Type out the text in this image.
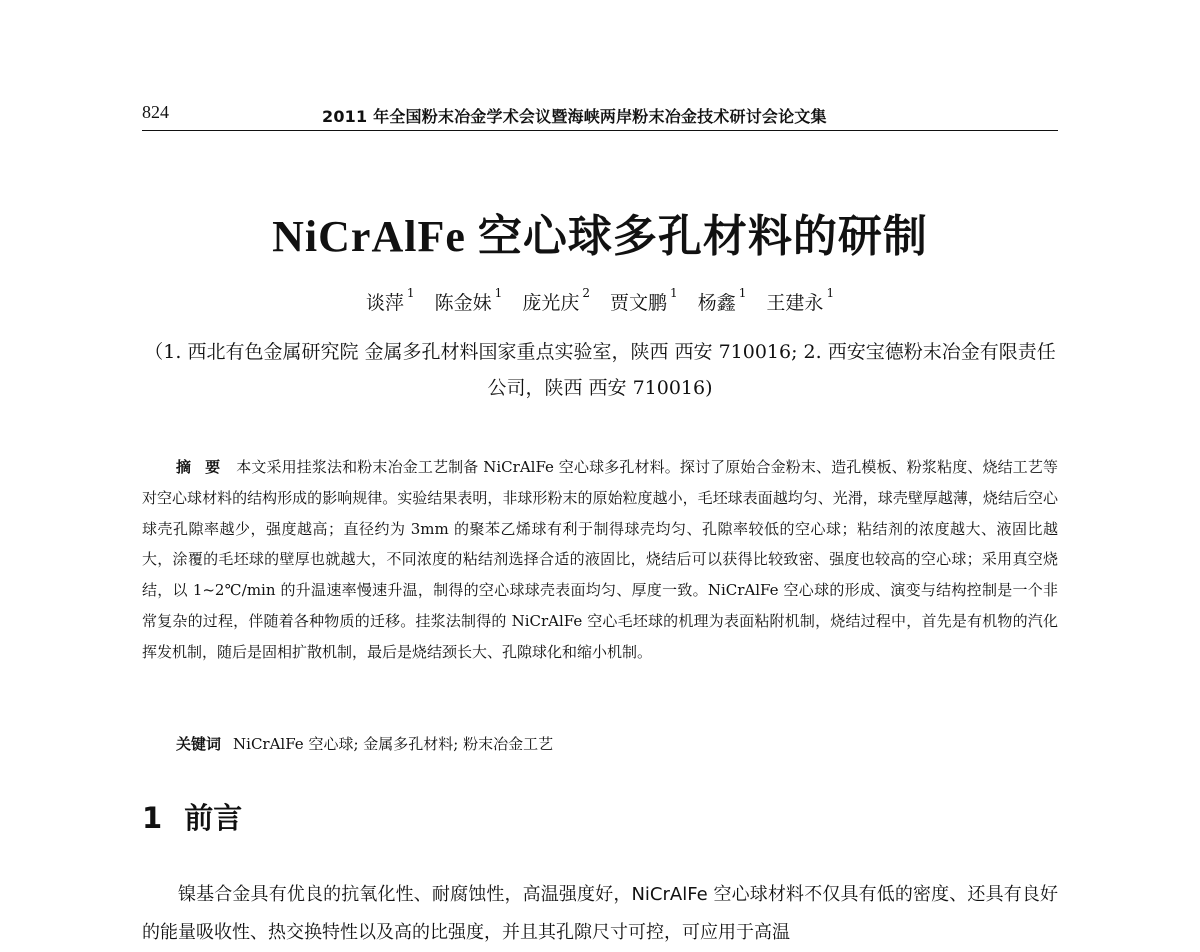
824	2011 年全国粉末冶金学术会议暨海峡两岸粉末冶金技术研讨会论文集
NiCrAlFe 空心球多孔材料的研制
谈萍 $^1$ 陈金妹 $^1$ 庞光庆 $^2$ 贾文鹏 $^1$ 杨鑫 $^1$ 王建永 $^1$
（1. 西北有色金属研究院 金属多孔材料国家重点实验室，陕西 西安 710016; 2. 西安宝德粉末冶金有限责任公司，陕西 西安 710016)
摘要 本文采用挂浆法和粉末冶金工艺制备 NiCrAlFe 空心球多孔材料。探讨了原始合金粉末、造孔模板、粉浆粘度、烧结工艺等对空心球材料的结构形成的影响规律。实验结果表明，非球形粉末的原始粒度越小，毛坯球表面越均匀、光滑，球壳壁厚越薄，烧结后空心球壳孔隙率越少，强度越高；直径约为 3mm 的聚苯乙烯球有利于制得球壳均匀、孔隙率较低的空心球；粘结剂的浓度越大、液固比越大，涂覆的毛坯球的壁厚也就越大，不同浓度的粘结剂选择合适的液固比，烧结后可以获得比较致密、强度也较高的空心球；采用真空烧结，以 1~2℃/min 的升温速率慢速升温，制得的空心球球壳表面均匀、厚度一致。NiCrAlFe 空心球的形成、演变与结构控制是一个非常复杂的过程，伴随着各种物质的迁移。挂浆法制得的 NiCrAlFe 空心毛坯球的机理为表面粘附机制，烧结过程中，首先是有机物的汽化挥发机制，随后是固相扩散机制，最后是烧结颈长大、孔隙球化和缩小机制。
关键词 NiCrAlFe 空心球; 金属多孔材料; 粉末冶金工艺
1 前言
镍基合金具有优良的抗氧化性、耐腐蚀性，高温强度好，NiCrAlFe 空心球材料不仅具有低的密度、还具有良好的能量吸收性、热交换特性以及高的比强度，并且其孔隙尺寸可控，可应用于高温
